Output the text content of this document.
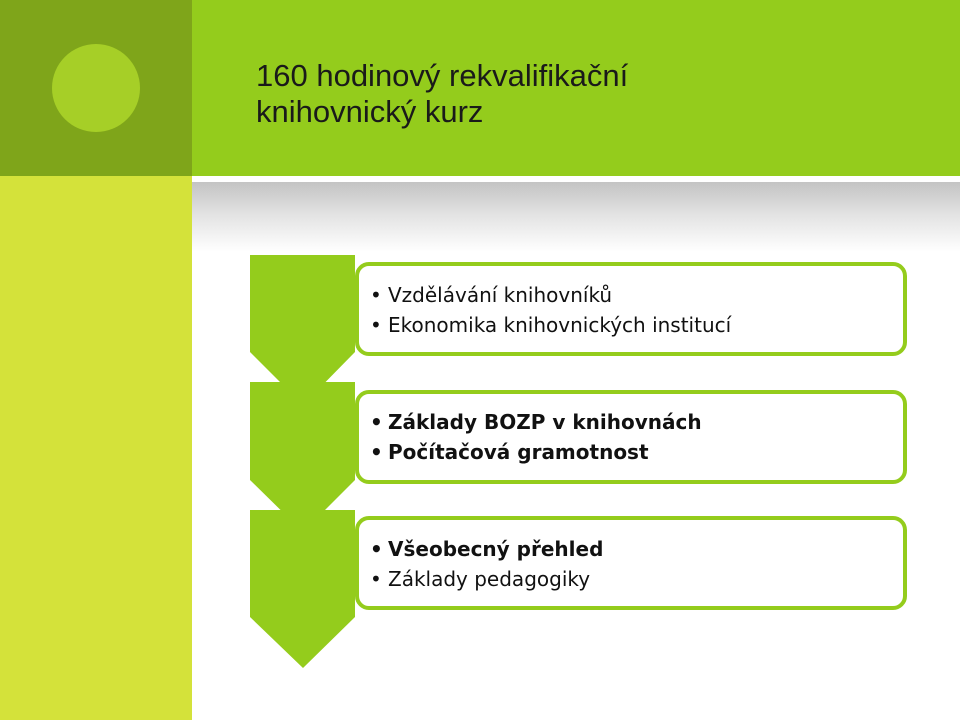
160 hodinový rekvalifikační
knihovnický kurz
• Vzdělávání knihovníků
• Ekonomika knihovnických institucí
• Základy BOZP v knihovnách
• Počítačová gramotnost
• Všeobecný přehled
• Základy pedagogiky
